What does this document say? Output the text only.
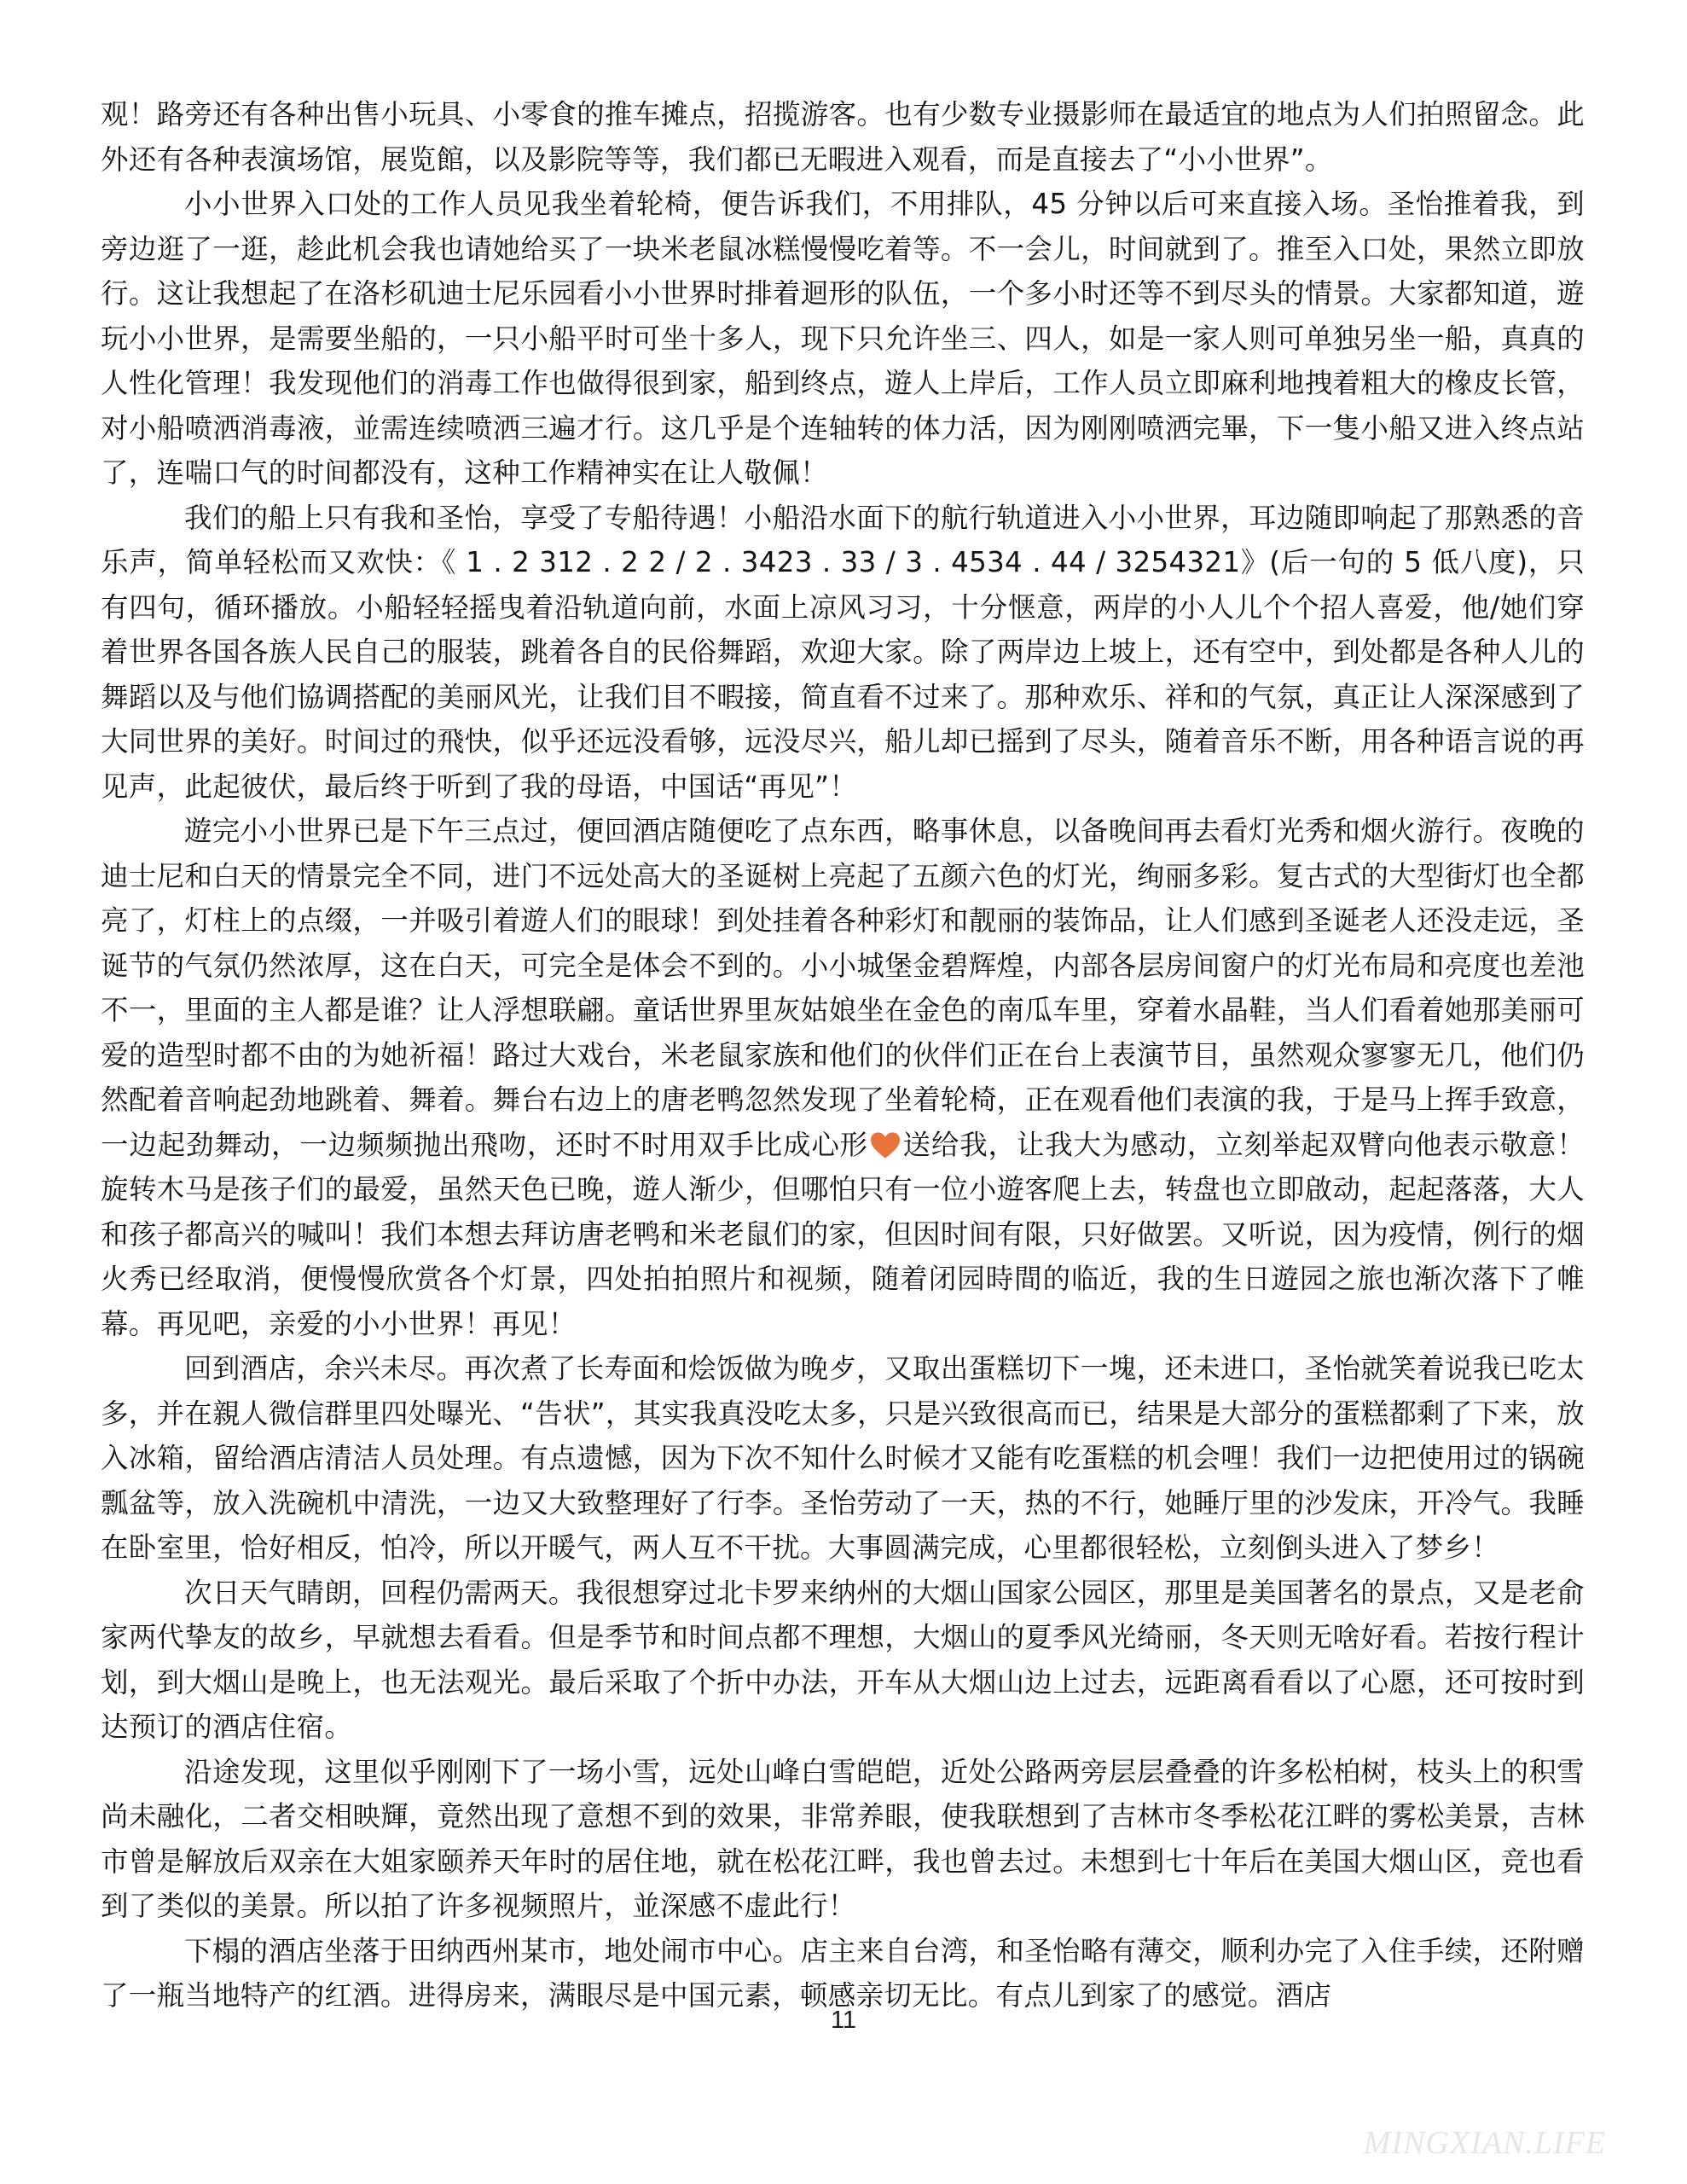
观！路旁还有各种出售小玩具、小零食的推车摊点，招揽游客。也有少数专业摄影师在最适宜的地点为人们拍照留念。此外还有各种表演场馆，展览館，以及影院等等，我们都已无暇进入观看，而是直接去了“小小世界”。

小小世界入口处的工作人员见我坐着轮椅，便告诉我们，不用排队，45 分钟以后可来直接入场。圣怡推着我，到旁边逛了一逛，趁此机会我也请她给买了一块米老鼠冰糕慢慢吃着等。不一会儿，时间就到了。推至入口处，果然立即放行。这让我想起了在洛杉矶迪士尼乐园看小小世界时排着迴形的队伍，一个多小时还等不到尽头的情景。大家都知道，遊玩小小世界，是需要坐船的，一只小船平时可坐十多人，现下只允许坐三、四人，如是一家人则可单独另坐一船，真真的人性化管理！我发现他们的消毒工作也做得很到家，船到终点，遊人上岸后，工作人员立即麻利地拽着粗大的橡皮长管，对小船喷洒消毒液，並需连续喷洒三遍才行。这几乎是个连轴转的体力活，因为刚刚喷洒完畢，下一隻小船又进入终点站了，连喘口气的时间都没有，这种工作精神实在让人敬佩！

我们的船上只有我和圣怡，享受了专船待遇！小船沿水面下的航行轨道进入小小世界，耳边随即响起了那熟悉的音乐声，简单轻松而又欢快：《 1 . 2 312 . 2 2 / 2 . 3423 . 33 / 3 . 4534 . 44 / 3254321》(后一句的 5 低八度)，只有四句，循环播放。小船轻轻摇曳着沿轨道向前，水面上凉风习习，十分惬意，两岸的小人儿个个招人喜爱，他/她们穿着世界各国各族人民自己的服装，跳着各自的民俗舞蹈，欢迎大家。除了两岸边上坡上，还有空中，到处都是各种人儿的舞蹈以及与他们協调搭配的美丽风光，让我们目不暇接，简直看不过来了。那种欢乐、祥和的气氛，真正让人深深感到了大同世界的美好。时间过的飛快，似乎还远没看够，远没尽兴，船儿却已摇到了尽头，随着音乐不断，用各种语言说的再见声，此起彼伏，最后终于听到了我的母语，中国话“再见”！

遊完小小世界已是下午三点过，便回酒店随便吃了点东西，略事休息，以备晚间再去看灯光秀和烟火游行。夜晚的迪士尼和白天的情景完全不同，进门不远处高大的圣诞树上亮起了五颜六色的灯光，绚丽多彩。复古式的大型街灯也全都亮了，灯柱上的点缀，一并吸引着遊人们的眼球！到处挂着各种彩灯和靓丽的装饰品，让人们感到圣诞老人还没走远，圣诞节的气氛仍然浓厚，这在白天，可完全是体会不到的。小小城堡金碧辉煌，内部各层房间窗户的灯光布局和亮度也差池不一，里面的主人都是谁？让人浮想联翩。童话世界里灰姑娘坐在金色的南瓜车里，穿着水晶鞋，当人们看着她那美丽可爱的造型时都不由的为她祈福！路过大戏台，米老鼠家族和他们的伙伴们正在台上表演节目，虽然观众寥寥无几，他们仍然配着音响起劲地跳着、舞着。舞台右边上的唐老鸭忽然发现了坐着轮椅，正在观看他们表演的我，于是马上挥手致意，一边起劲舞动，一边频频抛出飛吻，还时不时用双手比成心形 送给我，让我大为感动，立刻举起双臂向他表示敬意！旋转木马是孩子们的最爱，虽然天色已晚，遊人渐少，但哪怕只有一位小遊客爬上去，转盘也立即啟动，起起落落，大人和孩子都高兴的喊叫！我们本想去拜访唐老鸭和米老鼠们的家，但因时间有限，只好做罢。又听说，因为疫情，例行的烟火秀已经取消，便慢慢欣赏各个灯景，四处拍拍照片和视频，随着闭园時間的临近，我的生日遊园之旅也渐次落下了帷幕。再见吧，亲爱的小小世界！再见！

回到酒店，余兴未尽。再次煮了长寿面和烩饭做为晚歺，又取出蛋糕切下一塊，还未进口，圣怡就笑着说我已吃太多，并在親人微信群里四处曝光、“告状”，其实我真没吃太多，只是兴致很高而已，结果是大部分的蛋糕都剩了下来，放入冰箱，留给酒店清洁人员处理。有点遗憾，因为下次不知什么时候才又能有吃蛋糕的机会哩！我们一边把使用过的锅碗瓢盆等，放入洗碗机中清洗，一边又大致整理好了行李。圣怡劳动了一天，热的不行，她睡厅里的沙发床，开冷气。我睡在卧室里，恰好相反，怕冷，所以开暖气，两人互不干扰。大事圆满完成，心里都很轻松，立刻倒头进入了梦乡！

次日天气睛朗，回程仍需两天。我很想穿过北卡罗来纳州的大烟山国家公园区，那里是美国著名的景点，又是老俞家两代挚友的故乡，早就想去看看。但是季节和时间点都不理想，大烟山的夏季风光绮丽，冬天则无啥好看。若按行程计划，到大烟山是晚上，也无法观光。最后采取了个折中办法，开车从大烟山边上过去，远距离看看以了心愿，还可按时到达预订的酒店住宿。

沿途发现，这里似乎刚刚下了一场小雪，远处山峰白雪皑皑，近处公路两旁层层叠叠的许多松柏树，枝头上的积雪尚未融化，二者交相映輝，竟然出现了意想不到的效果，非常养眼，使我联想到了吉林市冬季松花江畔的雾松美景，吉林市曾是解放后双亲在大姐家颐养天年时的居住地，就在松花江畔，我也曾去过。未想到七十年后在美国大烟山区，竞也看到了类似的美景。所以拍了许多视频照片，並深感不虚此行！

下榻的酒店坐落于田纳西州某市，地处闹市中心。店主来自台湾，和圣怡略有薄交，顺利办完了入住手续，还附赠了一瓶当地特产的红酒。进得房来，满眼尽是中国元素，顿感亲切无比。有点儿到家了的感觉。酒店

11
MINGXIAN.LIFE
